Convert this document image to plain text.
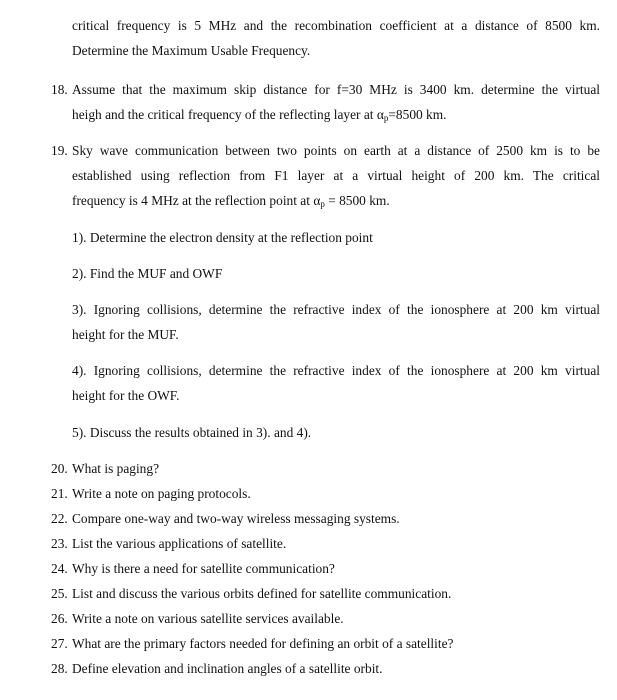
critical frequency is 5 MHz and the recombination coefficient at a distance of 8500 km.
Determine the Maximum Usable Frequency.
18. Assume that the maximum skip distance for f=30 MHz is 3400 km. determine the virtual
heigh and the critical frequency of the reflecting layer at $\alpha_p=8500$ km.
19. Sky wave communication between two points on earth at a distance of 2500 km is to be
established using reflection from F1 layer at a virtual height of 200 km. The critical
frequency is 4 MHz at the reflection point at $\alpha_p = 8500$ km.
1). Determine the electron density at the reflection point
2). Find the MUF and OWF
3). Ignoring collisions, determine the refractive index of the ionosphere at 200 km virtual
height for the MUF.
4). Ignoring collisions, determine the refractive index of the ionosphere at 200 km virtual
height for the OWF.
5). Discuss the results obtained in 3). and 4).
20. What is paging?
21. Write a note on paging protocols.
22. Compare one-way and two-way wireless messaging systems.
23. List the various applications of satellite.
24. Why is there a need for satellite communication?
25. List and discuss the various orbits defined for satellite communication.
26. Write a note on various satellite services available.
27. What are the primary factors needed for defining an orbit of a satellite?
28. Define elevation and inclination angles of a satellite orbit.
